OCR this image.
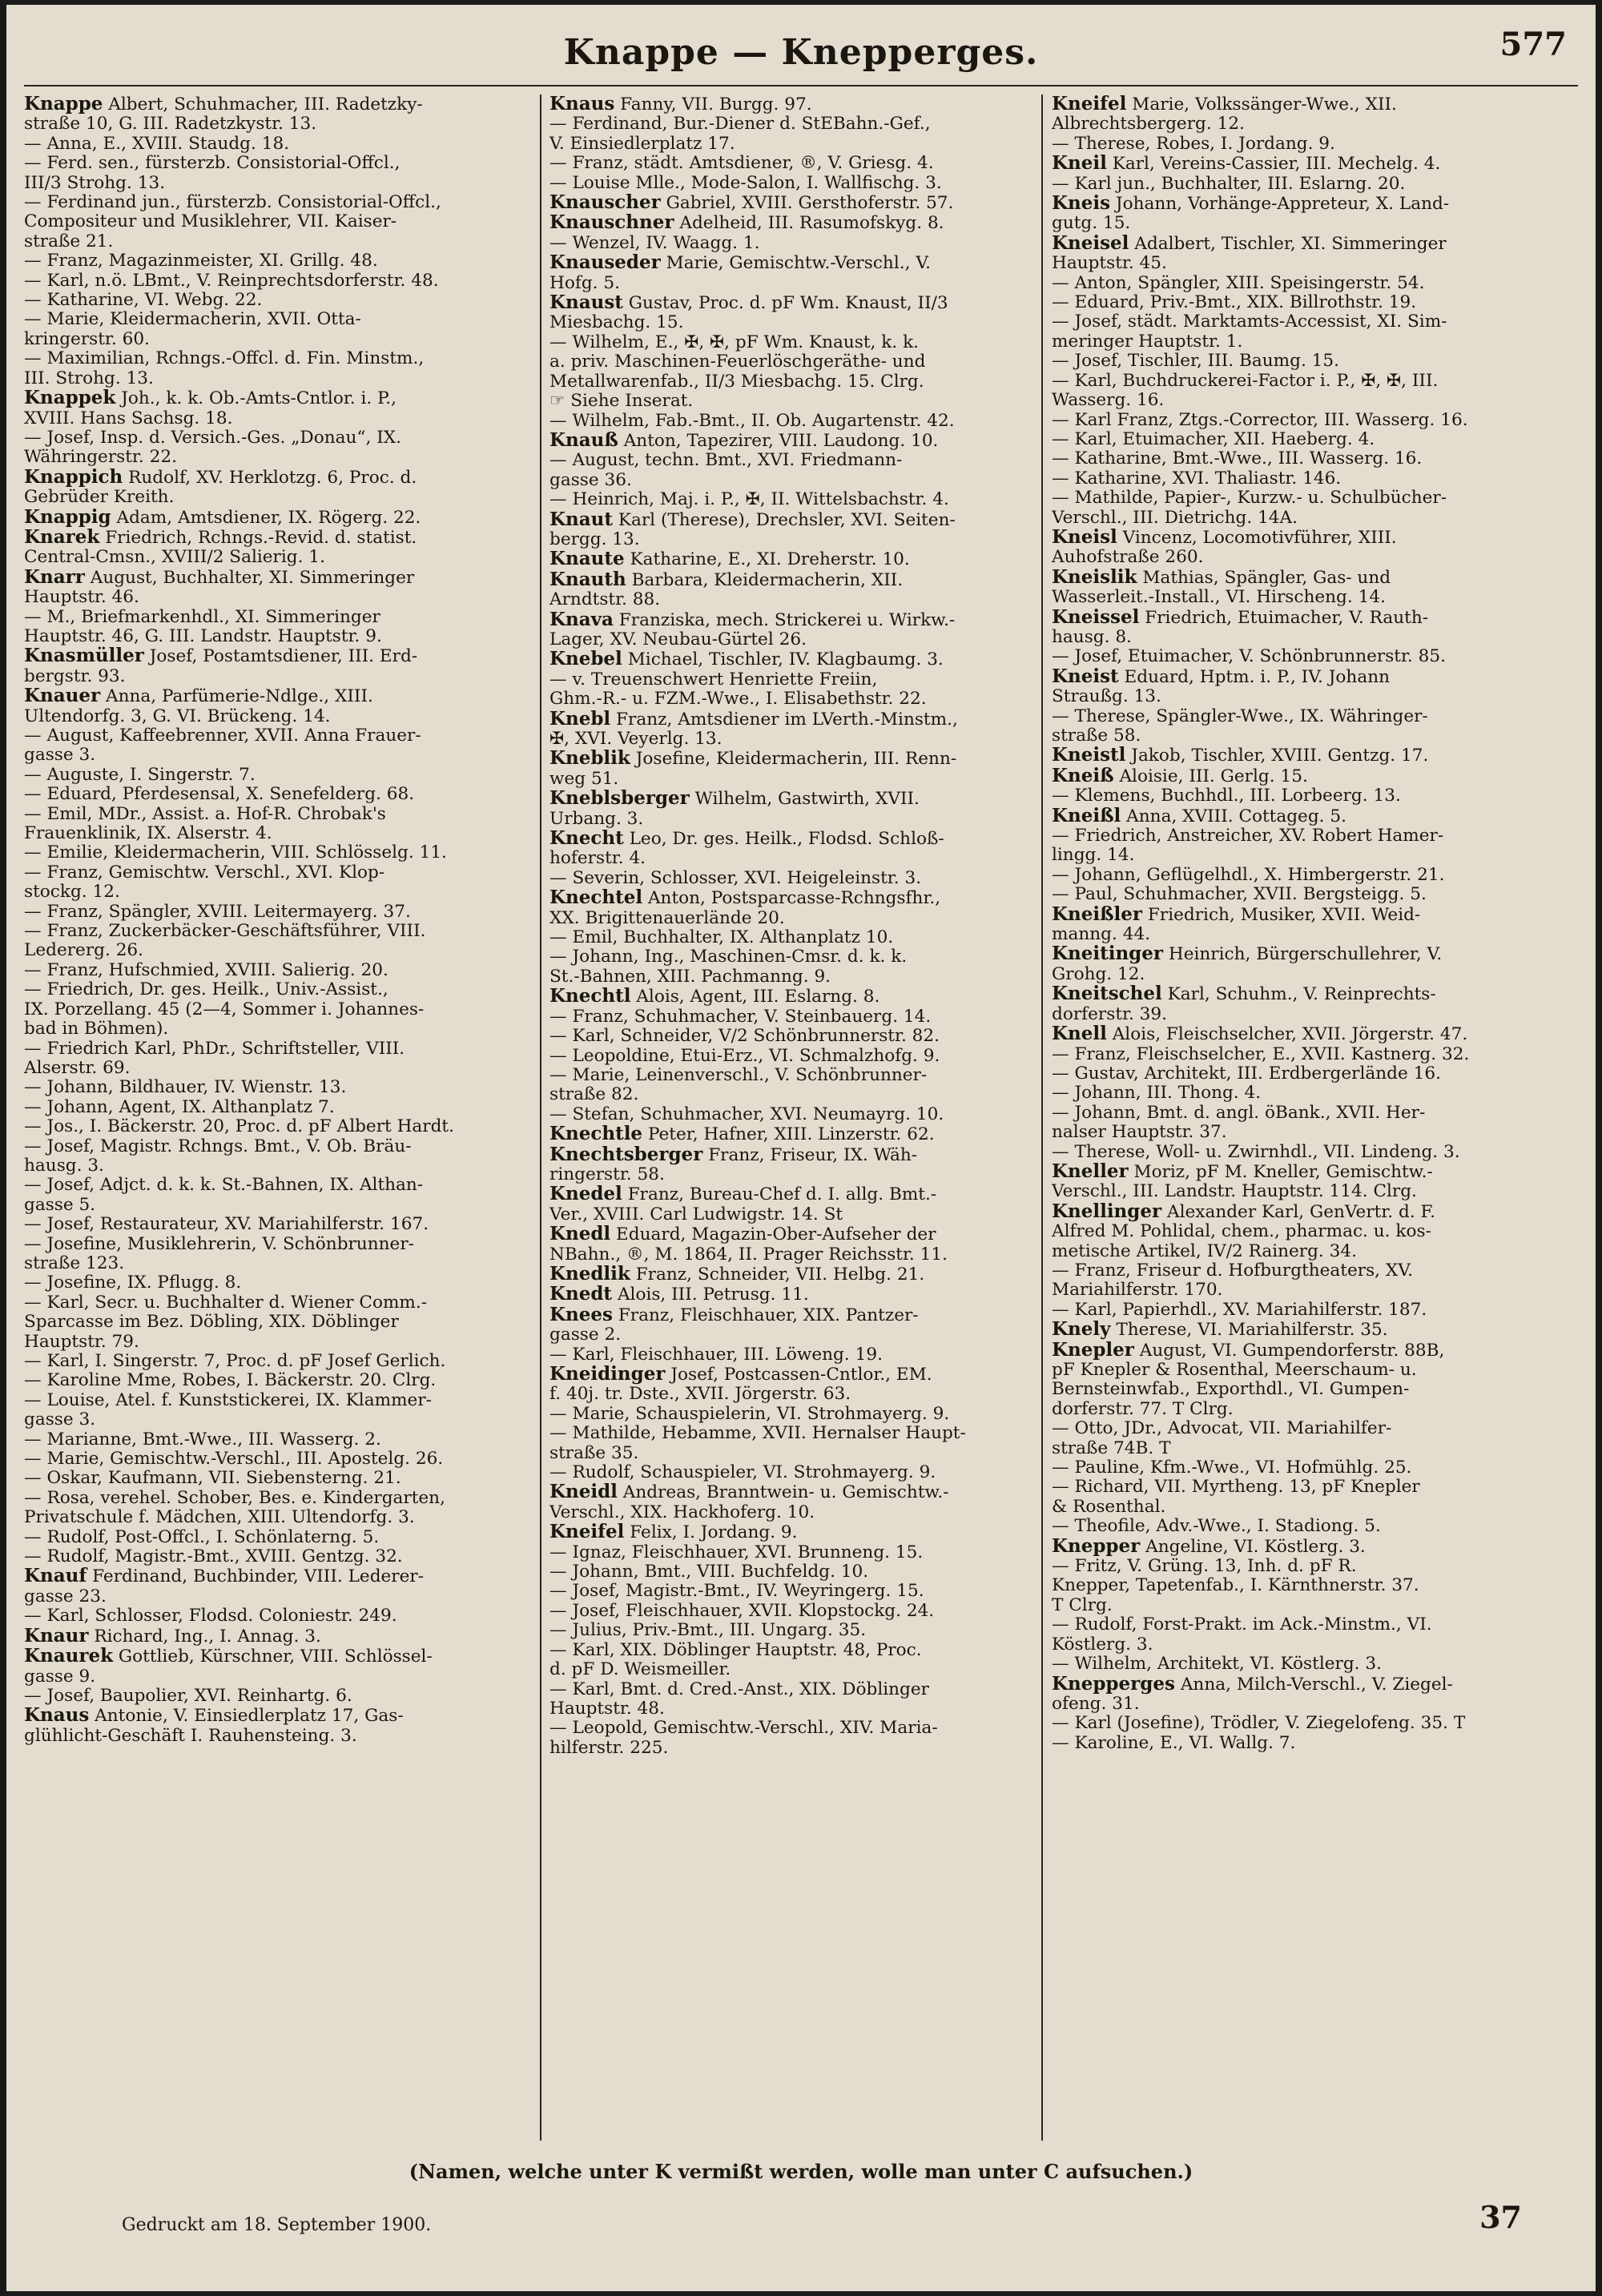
Knappe — Knepperges.	577

Knappe Albert, Schuhmacher, III. Radetzky-
straße 10, G. III. Radetzkystr. 13.

— Anna, E., XVIII. Staudg. 18.

— Ferd. sen., fürsterzb. Consistorial-Offcl.,
III/3 Strohg. 13.

— Ferdinand jun., fürsterzb. Consistorial-Offcl.,
Compositeur und Musiklehrer, VII. Kaiser-
straße 21.

— Franz, Magazinmeister, XI. Grillg. 48.

— Karl, n.ö. LBmt., V. Reinprechtsdorferstr. 48.

— Katharine, VI. Webg. 22.

— Marie, Kleidermacherin, XVII. Otta-
kringerstr. 60.

— Maximilian, Rchngs.-Offcl. d. Fin. Minstm.,
III. Strohg. 13.

Knappek Joh., k. k. Ob.-Amts-Cntlor. i. P.,
XVIII. Hans Sachsg. 18.

— Josef, Insp. d. Versich.-Ges. „Donau“, IX.
Währingerstr. 22.

Knappich Rudolf, XV. Herklotzg. 6, Proc. d.
Gebrüder Kreith.

Knappig Adam, Amtsdiener, IX. Rögerg. 22.

Knarek Friedrich, Rchngs.-Revid. d. statist.
Central-Cmsn., XVIII/2 Salierig. 1.

Knarr August, Buchhalter, XI. Simmeringer
Hauptstr. 46.

— M., Briefmarkenhdl., XI. Simmeringer
Hauptstr. 46, G. III. Landstr. Hauptstr. 9.

Knasmüller Josef, Postamtsdiener, III. Erd-
bergstr. 93.

Knauer Anna, Parfümerie-Ndlge., XIII.
Ultendorfg. 3, G. VI. Brückeng. 14.

— August, Kaffeebrenner, XVII. Anna Frauer-
gasse 3.

— Auguste, I. Singerstr. 7.

— Eduard, Pferdesensal, X. Senefelderg. 68.

— Emil, MDr., Assist. a. Hof-R. Chrobak's
Frauenklinik, IX. Alserstr. 4.

— Emilie, Kleidermacherin, VIII. Schlösselg. 11.

— Franz, Gemischtw. Verschl., XVI. Klop-
stockg. 12.

— Franz, Spängler, XVIII. Leitermayerg. 37.

— Franz, Zuckerbäcker-Geschäftsführer, VIII.
Ledererg. 26.

— Franz, Hufschmied, XVIII. Salierig. 20.

— Friedrich, Dr. ges. Heilk., Univ.-Assist.,
IX. Porzellang. 45 (2—4, Sommer i. Johannes-
bad in Böhmen).

— Friedrich Karl, PhDr., Schriftsteller, VIII.
Alserstr. 69.

— Johann, Bildhauer, IV. Wienstr. 13.

— Johann, Agent, IX. Althanplatz 7.

— Jos., I. Bäckerstr. 20, Proc. d. pF Albert Hardt.

— Josef, Magistr. Rchngs. Bmt., V. Ob. Bräu-
hausg. 3.

— Josef, Adjct. d. k. k. St.-Bahnen, IX. Althan-
gasse 5.

— Josef, Restaurateur, XV. Mariahilferstr. 167.

— Josefine, Musiklehrerin, V. Schönbrunner-
straße 123.

— Josefine, IX. Pflugg. 8.

— Karl, Secr. u. Buchhalter d. Wiener Comm.-
Sparcasse im Bez. Döbling, XIX. Döblinger
Hauptstr. 79.

— Karl, I. Singerstr. 7, Proc. d. pF Josef Gerlich.

— Karoline Mme, Robes, I. Bäckerstr. 20. Clrg.

— Louise, Atel. f. Kunststickerei, IX. Klammer-
gasse 3.

— Marianne, Bmt.-Wwe., III. Wasserg. 2.

— Marie, Gemischtw.-Verschl., III. Apostelg. 26.

— Oskar, Kaufmann, VII. Siebensterng. 21.

— Rosa, verehel. Schober, Bes. e. Kindergarten,
Privatschule f. Mädchen, XIII. Ultendorfg. 3.

— Rudolf, Post-Offcl., I. Schönlaterng. 5.

— Rudolf, Magistr.-Bmt., XVIII. Gentzg. 32.

Knauf Ferdinand, Buchbinder, VIII. Lederer-
gasse 23.

— Karl, Schlosser, Flodsd. Coloniestr. 249.

Knaur Richard, Ing., I. Annag. 3.

Knaurek Gottlieb, Kürschner, VIII. Schlössel-
gasse 9.

— Josef, Baupolier, XVI. Reinhartg. 6.

Knaus Antonie, V. Einsiedlerplatz 17, Gas-
glühlicht-Geschäft I. Rauhensteing. 3.

Knaus Fanny, VII. Burgg. 97.

— Ferdinand, Bur.-Diener d. StEBahn.-Gef.,
V. Einsiedlerplatz 17.

— Franz, städt. Amtsdiener, ®, V. Griesg. 4.

— Louise Mlle., Mode-Salon, I. Wallfischg. 3.

Knauscher Gabriel, XVIII. Gersthoferstr. 57.

Knauschner Adelheid, III. Rasumofskyg. 8.

— Wenzel, IV. Waagg. 1.

Knauseder Marie, Gemischtw.-Verschl., V.
Hofg. 5.

Knaust Gustav, Proc. d. pF Wm. Knaust, II/3
Miesbachg. 15.

— Wilhelm, E., ✠, ✠, pF Wm. Knaust, k. k.
a. priv. Maschinen-Feuerlöschgeräthe- und
Metallwarenfab., II/3 Miesbachg. 15. Clrg.

☞ Siehe Inserat.

— Wilhelm, Fab.-Bmt., II. Ob. Augartenstr. 42.

Knauß Anton, Tapezirer, VIII. Laudong. 10.

— August, techn. Bmt., XVI. Friedmann-
gasse 36.

— Heinrich, Maj. i. P., ✠, II. Wittelsbachstr. 4.

Knaut Karl (Therese), Drechsler, XVI. Seiten-
bergg. 13.

Knaute Katharine, E., XI. Dreherstr. 10.

Knauth Barbara, Kleidermacherin, XII.
Arndtstr. 88.

Knava Franziska, mech. Strickerei u. Wirkw.-
Lager, XV. Neubau-Gürtel 26.

Knebel Michael, Tischler, IV. Klagbaumg. 3.

— v. Treuenschwert Henriette Freiin,
Ghm.-R.- u. FZM.-Wwe., I. Elisabethstr. 22.

Knebl Franz, Amtsdiener im LVerth.-Minstm.,
✠, XVI. Veyerlg. 13.

Kneblik Josefine, Kleidermacherin, III. Renn-
weg 51.

Kneblsberger Wilhelm, Gastwirth, XVII.
Urbang. 3.

Knecht Leo, Dr. ges. Heilk., Flodsd. Schloß-
hoferstr. 4.

— Severin, Schlosser, XVI. Heigeleinstr. 3.

Knechtel Anton, Postsparcasse-Rchngsfhr.,
XX. Brigittenauerlände 20.

— Emil, Buchhalter, IX. Althanplatz 10.

— Johann, Ing., Maschinen-Cmsr. d. k. k.
St.-Bahnen, XIII. Pachmanng. 9.

Knechtl Alois, Agent, III. Eslarng. 8.

— Franz, Schuhmacher, V. Steinbauerg. 14.

— Karl, Schneider, V/2 Schönbrunnerstr. 82.

— Leopoldine, Etui-Erz., VI. Schmalzhofg. 9.

— Marie, Leinenverschl., V. Schönbrunner-
straße 82.

— Stefan, Schuhmacher, XVI. Neumayrg. 10.

Knechtle Peter, Hafner, XIII. Linzerstr. 62.

Knechtsberger Franz, Friseur, IX. Wäh-
ringerstr. 58.

Knedel Franz, Bureau-Chef d. I. allg. Bmt.-
Ver., XVIII. Carl Ludwigstr. 14. St

Knedl Eduard, Magazin-Ober-Aufseher der
NBahn., ®, M. 1864, II. Prager Reichsstr. 11.

Knedlik Franz, Schneider, VII. Helbg. 21.

Knedt Alois, III. Petrusg. 11.

Knees Franz, Fleischhauer, XIX. Pantzer-
gasse 2.

— Karl, Fleischhauer, III. Löweng. 19.

Kneidinger Josef, Postcassen-Cntlor., EM.
f. 40j. tr. Dste., XVII. Jörgerstr. 63.

— Marie, Schauspielerin, VI. Strohmayerg. 9.

— Mathilde, Hebamme, XVII. Hernalser Haupt-
straße 35.

— Rudolf, Schauspieler, VI. Strohmayerg. 9.

Kneidl Andreas, Branntwein- u. Gemischtw.-
Verschl., XIX. Hackhoferg. 10.

Kneifel Felix, I. Jordang. 9.

— Ignaz, Fleischhauer, XVI. Brunneng. 15.

— Johann, Bmt., VIII. Buchfeldg. 10.

— Josef, Magistr.-Bmt., IV. Weyringerg. 15.

— Josef, Fleischhauer, XVII. Klopstockg. 24.

— Julius, Priv.-Bmt., III. Ungarg. 35.

— Karl, XIX. Döblinger Hauptstr. 48, Proc.
d. pF D. Weismeiller.

— Karl, Bmt. d. Cred.-Anst., XIX. Döblinger
Hauptstr. 48.

— Leopold, Gemischtw.-Verschl., XIV. Maria-
hilferstr. 225.

Kneifel Marie, Volkssänger-Wwe., XII.
Albrechtsbergerg. 12.

— Therese, Robes, I. Jordang. 9.

Kneil Karl, Vereins-Cassier, III. Mechelg. 4.

— Karl jun., Buchhalter, III. Eslarng. 20.

Kneis Johann, Vorhänge-Appreteur, X. Land-
gutg. 15.

Kneisel Adalbert, Tischler, XI. Simmeringer
Hauptstr. 45.

— Anton, Spängler, XIII. Speisingerstr. 54.

— Eduard, Priv.-Bmt., XIX. Billrothstr. 19.

— Josef, städt. Marktamts-Accessist, XI. Sim-
meringer Hauptstr. 1.

— Josef, Tischler, III. Baumg. 15.

— Karl, Buchdruckerei-Factor i. P., ✠, ✠, III.
Wasserg. 16.

— Karl Franz, Ztgs.-Corrector, III. Wasserg. 16.

— Karl, Etuimacher, XII. Haeberg. 4.

— Katharine, Bmt.-Wwe., III. Wasserg. 16.

— Katharine, XVI. Thaliastr. 146.

— Mathilde, Papier-, Kurzw.- u. Schulbücher-
Verschl., III. Dietrichg. 14A.

Kneisl Vincenz, Locomotivführer, XIII.
Auhofstraße 260.

Kneislik Mathias, Spängler, Gas- und
Wasserleit.-Install., VI. Hirscheng. 14.

Kneissel Friedrich, Etuimacher, V. Rauth-
hausg. 8.

— Josef, Etuimacher, V. Schönbrunnerstr. 85.

Kneist Eduard, Hptm. i. P., IV. Johann
Straußg. 13.

— Therese, Spängler-Wwe., IX. Währinger-
straße 58.

Kneistl Jakob, Tischler, XVIII. Gentzg. 17.

Kneiß Aloisie, III. Gerlg. 15.

— Klemens, Buchhdl., III. Lorbeerg. 13.

Kneißl Anna, XVIII. Cottageg. 5.

— Friedrich, Anstreicher, XV. Robert Hamer-
lingg. 14.

— Johann, Geflügelhdl., X. Himbergerstr. 21.

— Paul, Schuhmacher, XVII. Bergsteigg. 5.

Kneißler Friedrich, Musiker, XVII. Weid-
manng. 44.

Kneitinger Heinrich, Bürgerschullehrer, V.
Grohg. 12.

Kneitschel Karl, Schuhm., V. Reinprechts-
dorferstr. 39.

Knell Alois, Fleischselcher, XVII. Jörgerstr. 47.

— Franz, Fleischselcher, E., XVII. Kastnerg. 32.

— Gustav, Architekt, III. Erdbergerlände 16.

— Johann, III. Thong. 4.

— Johann, Bmt. d. angl. öBank., XVII. Her-
nalser Hauptstr. 37.

— Therese, Woll- u. Zwirnhdl., VII. Lindeng. 3.

Kneller Moriz, pF M. Kneller, Gemischtw.-
Verschl., III. Landstr. Hauptstr. 114. Clrg.

Knellinger Alexander Karl, GenVertr. d. F.
Alfred M. Pohlidal, chem., pharmac. u. kos-
metische Artikel, IV/2 Rainerg. 34.

— Franz, Friseur d. Hofburgtheaters, XV.
Mariahilferstr. 170.

— Karl, Papierhdl., XV. Mariahilferstr. 187.

Knely Therese, VI. Mariahilferstr. 35.

Knepler August, VI. Gumpendorferstr. 88B,
pF Knepler & Rosenthal, Meerschaum- u.
Bernsteinwfab., Exporthdl., VI. Gumpen-
dorferstr. 77. T Clrg.

— Otto, JDr., Advocat, VII. Mariahilfer-
straße 74B. T

— Pauline, Kfm.-Wwe., VI. Hofmühlg. 25.

— Richard, VII. Myrtheng. 13, pF Knepler
& Rosenthal.

— Theofile, Adv.-Wwe., I. Stadiong. 5.

Knepper Angeline, VI. Köstlerg. 3.

— Fritz, V. Grüng. 13, Inh. d. pF R.
Knepper, Tapetenfab., I. Kärnthnerstr. 37.
T Clrg.

— Rudolf, Forst-Prakt. im Ack.-Minstm., VI.
Köstlerg. 3.

— Wilhelm, Architekt, VI. Köstlerg. 3.

Knepperges Anna, Milch-Verschl., V. Ziegel-
ofeng. 31.

— Karl (Josefine), Trödler, V. Ziegelofeng. 35. T

— Karoline, E., VI. Wallg. 7.

(Namen, welche unter K vermißt werden, wolle man unter C aufsuchen.)
Gedruckt am 18. September 1900.	37
